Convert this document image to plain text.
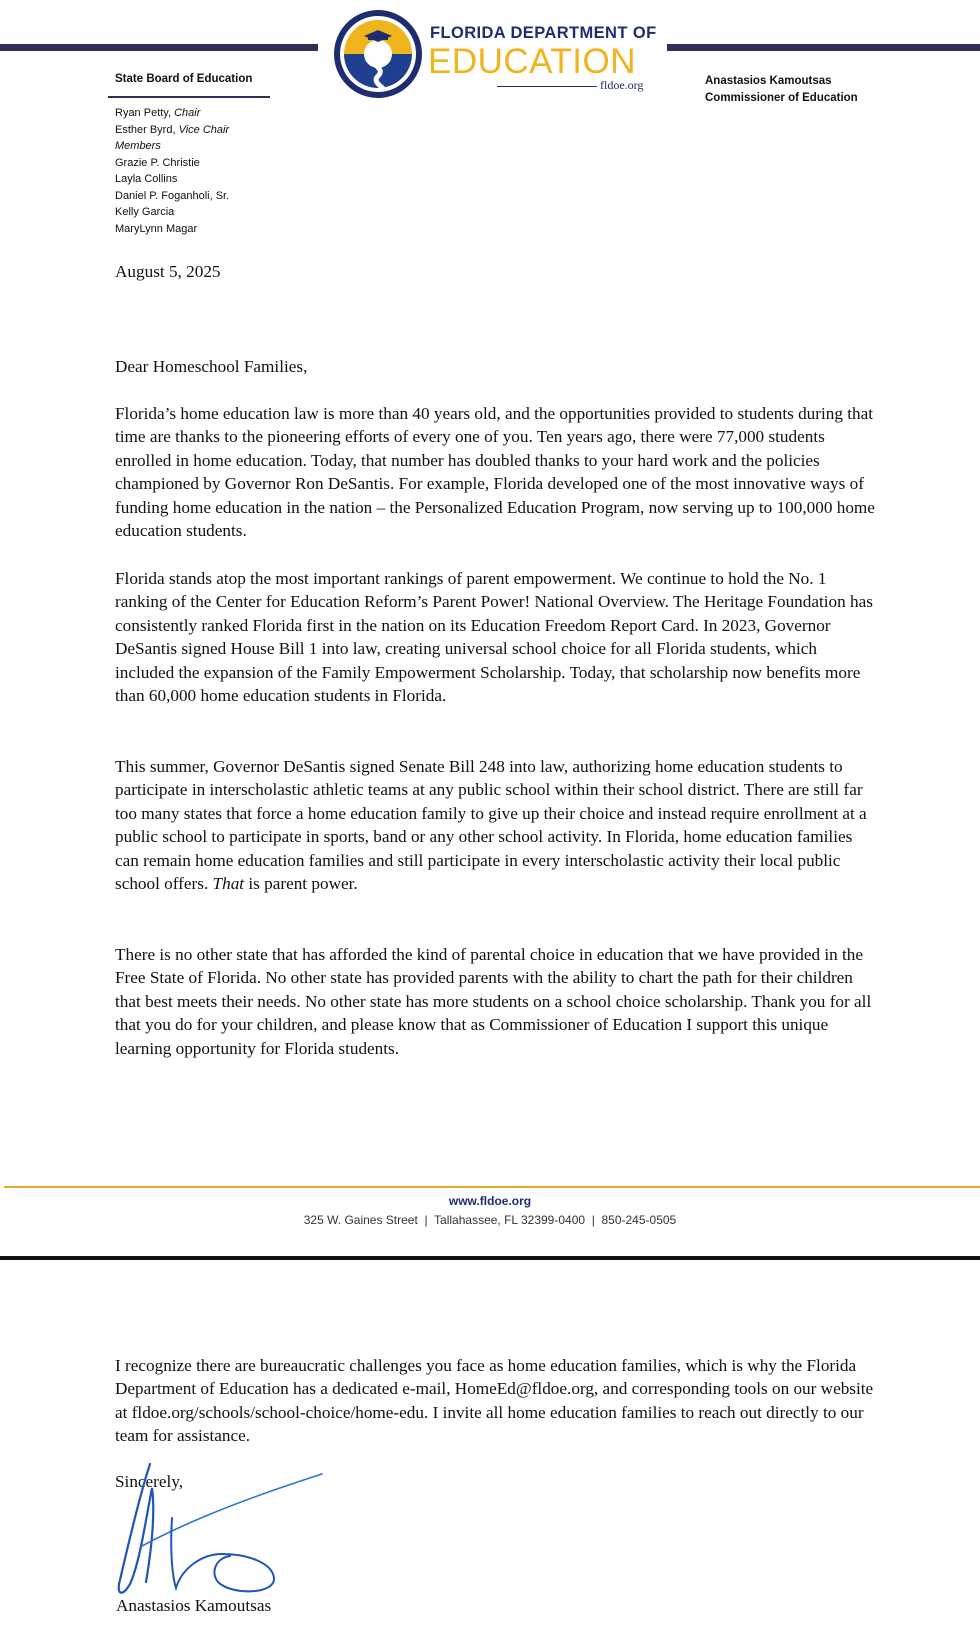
FLORIDA DEPARTMENT OF
EDUCATION
fldoe.org
State Board of Education
Ryan Petty, Chair
Esther Byrd, Vice Chair
Members
Grazie P. Christie
Layla Collins
Daniel P. Foganholi, Sr.
Kelly Garcia
MaryLynn Magar
Anastasios Kamoutsas
Commissioner of Education
August 5, 2025
Dear Homeschool Families,

Florida’s home education law is more than 40 years old, and the opportunities provided to students during that time are thanks to the pioneering efforts of every one of you. Ten years ago, there were 77,000 students enrolled in home education. Today, that number has doubled thanks to your hard work and the policies championed by Governor Ron DeSantis. For example, Florida developed one of the most innovative ways of funding home education in the nation – the Personalized Education Program, now serving up to 100,000 home education students.

Florida stands atop the most important rankings of parent empowerment. We continue to hold the No. 1 ranking of the Center for Education Reform’s Parent Power! National Overview. The Heritage Foundation has consistently ranked Florida first in the nation on its Education Freedom Report Card. In 2023, Governor DeSantis signed House Bill 1 into law, creating universal school choice for all Florida students, which included the expansion of the Family Empowerment Scholarship. Today, that scholarship now benefits more than 60,000 home education students in Florida.

This summer, Governor DeSantis signed Senate Bill 248 into law, authorizing home education students to participate in interscholastic athletic teams at any public school within their school district. There are still far too many states that force a home education family to give up their choice and instead require enrollment at a public school to participate in sports, band or any other school activity. In Florida, home education families can remain home education families and still participate in every interscholastic activity their local public school offers. That is parent power.

There is no other state that has afforded the kind of parental choice in education that we have provided in the Free State of Florida. No other state has provided parents with the ability to chart the path for their children that best meets their needs. No other state has more students on a school choice scholarship. Thank you for all that you do for your children, and please know that as Commissioner of Education I support this unique learning opportunity for Florida students.

www.fldoe.org
325 W. Gaines Street  |  Tallahassee, FL 32399-0400  |  850-245-0505

I recognize there are bureaucratic challenges you face as home education families, which is why the Florida Department of Education has a dedicated e-mail, HomeEd@fldoe.org, and corresponding tools on our website at fldoe.org/schools/school-choice/home-edu. I invite all home education families to reach out directly to our team for assistance.

Sincerely,
Anastasios Kamoutsas
